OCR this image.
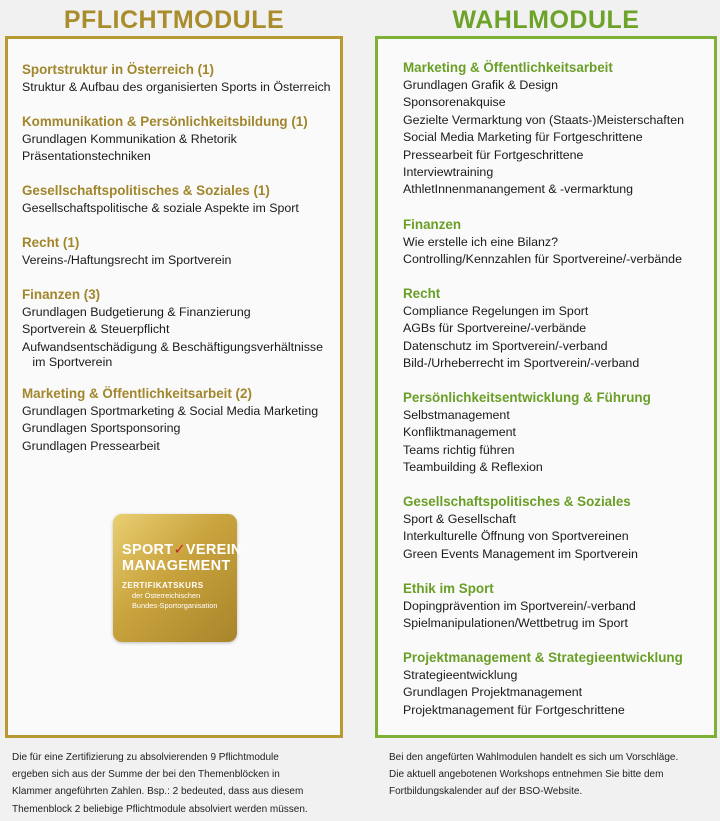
PFLICHTMODULE	WAHLMODULE
Sportstruktur in Österreich (1)
Struktur & Aufbau des organisierten Sports in Österreich
Kommunikation & Persönlichkeitsbildung (1)
Grundlagen Kommunikation & Rhetorik
Präsentationstechniken
Gesellschaftspolitisches & Soziales (1)
Gesellschaftspolitische & soziale Aspekte im Sport
Recht (1)
Vereins-/Haftungsrecht im Sportverein
Finanzen (3)
Grundlagen Budgetierung & Finanzierung
Sportverein & Steuerpflicht
Aufwandsentschädigung & Beschäftigungsverhältnisse
im Sportverein
Marketing & Öffentlichkeitsarbeit (2)
Grundlagen Sportmarketing & Social Media Marketing
Grundlagen Sportsponsoring
Grundlagen Pressearbeit
SPORT✓VEREIN
MANAGEMENT
ZERTIFIKATSKURS
der Österreichischen
Bundes-Sportorganisation
Marketing & Öffentlichkeitsarbeit
Grundlagen Grafik & Design
Sponsorenakquise
Gezielte Vermarktung von (Staats-)Meisterschaften
Social Media Marketing für Fortgeschrittene
Pressearbeit für Fortgeschrittene
Interviewtraining
AthletInnenmanangement & -vermarktung
Finanzen
Wie erstelle ich eine Bilanz?
Controlling/Kennzahlen für Sportvereine/-verbände
Recht
Compliance Regelungen im Sport
AGBs für Sportvereine/-verbände
Datenschutz im Sportverein/-verband
Bild-/Urheberrecht im Sportverein/-verband
Persönlichkeitsentwicklung & Führung
Selbstmanagement
Konfliktmanagement
Teams richtig führen
Teambuilding & Reflexion
Gesellschaftspolitisches & Soziales
Sport & Gesellschaft
Interkulturelle Öffnung von Sportvereinen
Green Events Management im Sportverein
Ethik im Sport
Dopingprävention im Sportverein/-verband
Spielmanipulationen/Wettbetrug im Sport
Projektmanagement & Strategieentwicklung
Strategieentwicklung
Grundlagen Projektmanagement
Projektmanagement für Fortgeschrittene

Die für eine Zertifizierung zu absolvierenden 9 Pflichtmodule

ergeben sich aus der Summe der bei den Themenblöcken in

Klammer angeführten Zahlen. Bsp.: 2 bedeuted, dass aus diesem

Themenblock 2 beliebige Pflichtmodule absolviert werden müssen.

Bei den angefürten Wahlmodulen handelt es sich um Vorschläge.

Die aktuell angebotenen Workshops entnehmen Sie bitte dem

Fortbildungskalender auf der BSO-Website.
